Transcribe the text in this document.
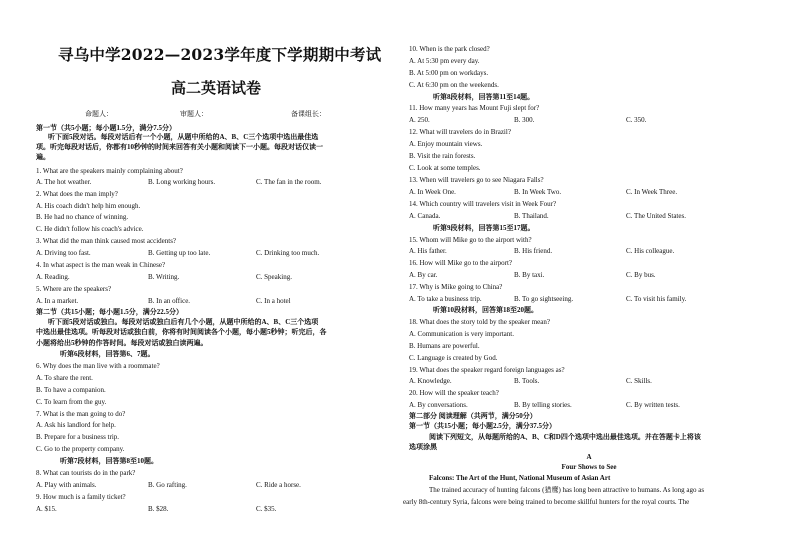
寻乌中学2022—2023学年度下学期期中考试
高二英语试卷
命题人：	审题人：	备课组长：
第一节（共5小题；每小题1.5分，满分7.5分）
听下面5段对话。每段对话后有一个小题，从题中所给的A、B、C三个选项中选出最佳选
项。听完每段对话后，你都有10秒钟的时间来回答有关小题和阅读下一小题。每段对话仅读一
遍。
1. What are the speakers mainly complaining about?
A. The hot weather.	B. Long working hours.	C. The fan in the room.
2. What does the man imply?
A. His coach didn't help him enough.
B. He had no chance of winning.
C. He didn't follow his coach's advice.
3. What did the man think caused most accidents?
A. Driving too fast.	B. Getting up too late.	C. Drinking too much.
4. In what aspect is the man weak in Chinese?
A. Reading.	B. Writing.	C. Speaking.
5. Where are the speakers?
A. In a market.	B. In an office.	C. In a hotel
第二节（共15小题；每小题1.5分，满分22.5分）
听下面5段对话或独白。每段对话或独白后有几个小题，从题中所给的A、B、C三个选项
中选出最佳选项。听每段对话或独白前，你将有时间阅读各个小题，每小题5秒钟；听完后，各
小题将给出5秒钟的作答时间。每段对话或独白读两遍。
听第6段材料，回答第6、7题。
6. Why does the man live with a roommate?
A. To share the rent.
B. To have a companion.
C. To learn from the guy.
7. What is the man going to do?
A. Ask his landlord for help.
B. Prepare for a business trip.
C. Go to the property company.
听第7段材料，回答第8至10题。
8. What can tourists do in the park?
A. Play with animals.	B. Go rafting.	C. Ride a horse.
9. How much is a family ticket?
A. $15.	B. $28.	C. $35.
10. When is the park closed?
A. At 5:30 pm every day.
B. At 5:00 pm on workdays.
C. At 6:30 pm on the weekends.
听第8段材料，回答第11至14题。
11. How many years has Mount Fuji slept for?
A. 250.	B. 300.	C. 350.
12. What will travelers do in Brazil?
A. Enjoy mountain views.
B. Visit the rain forests.
C. Look at some temples.
13. When will travelers go to see Niagara Falls?
A. In Week One.	B. In Week Two.	C. In Week Three.
14. Which country will travelers visit in Week Four?
A. Canada.	B. Thailand.	C. The United States.
听第9段材料，回答第15至17题。
15. Whom will Mike go to the airport with?
A. His father.	B. His friend.	C. His colleague.
16. How will Mike go to the airport?
A. By car.	B. By taxi.	C. By bus.
17. Why is Mike going to China?
A. To take a business trip.	B. To go sightseeing.	C. To visit his family.
听第10段材料，回答第18至20题。
18. What does the story told by the speaker mean?
A. Communication is very important.
B. Humans are powerful.
C. Language is created by God.
19. What does the speaker regard foreign languages as?
A. Knowledge.	B. Tools.	C. Skills.
20. How will the speaker teach?
A. By conversations.	B. By telling stories.	C. By written tests.
第二部分 阅读理解（共两节，满分50分）
第一节（共15小题；每小题2.5分，满分37.5分）
阅读下列短文，从每题所给的A、B、C和D四个选项中选出最佳选项。并在答题卡上将该
选项涂黑
A
Four Shows to See
Falcons: The Art of the Hunt, National Museum of Asian Art
The trained accuracy of hunting falcons (猎鹰) has long been attractive to humans. As long ago as
early 8th-century Syria, falcons were being trained to become skillful hunters for the royal courts. The
